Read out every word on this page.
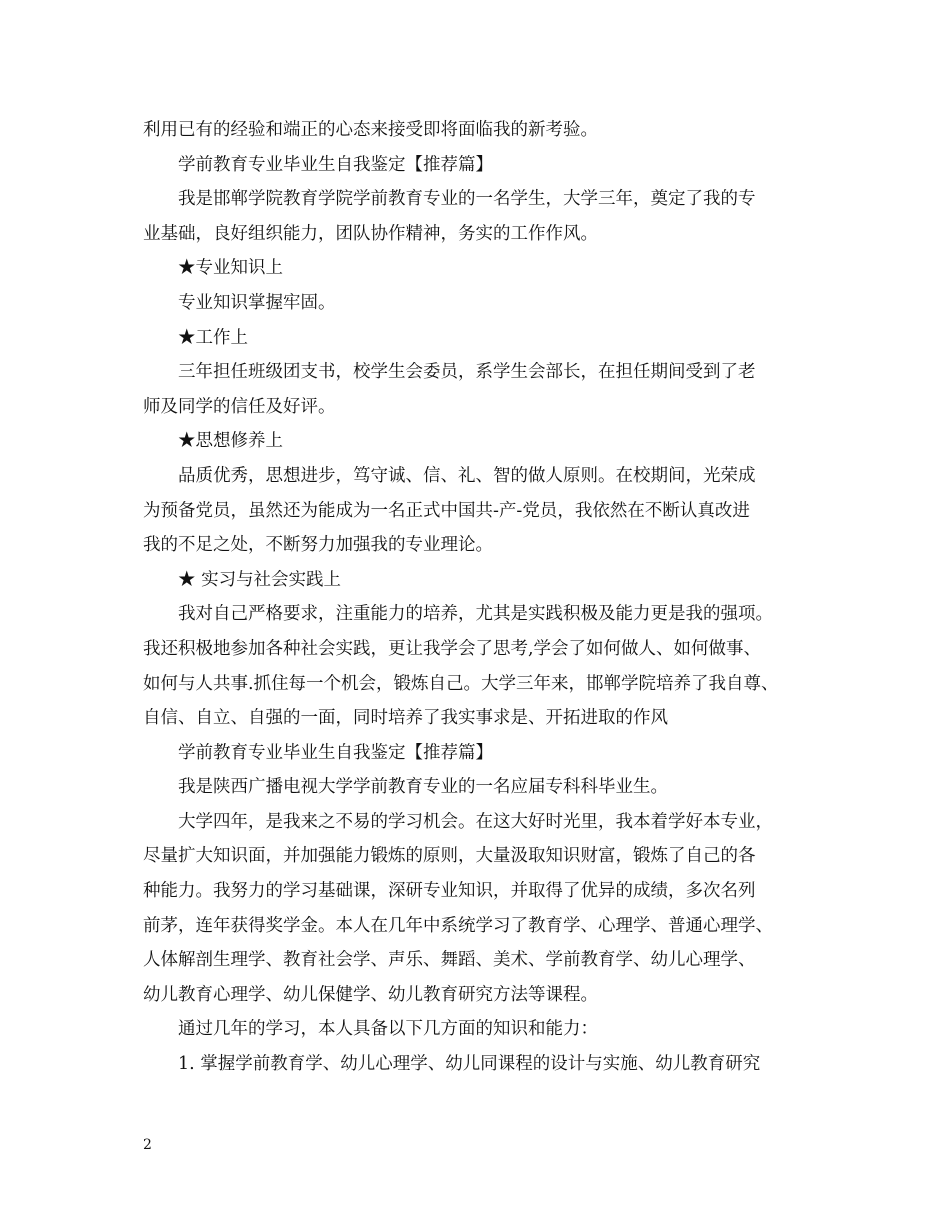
利用已有的经验和端正的心态来接受即将面临我的新考验。
学前教育专业毕业生自我鉴定【推荐篇】
我是邯郸学院教育学院学前教育专业的一名学生，大学三年，奠定了我的专
业基础，良好组织能力，团队协作精神，务实的工作作风。
★专业知识上
专业知识掌握牢固。
★工作上
三年担任班级团支书，校学生会委员，系学生会部长，在担任期间受到了老
师及同学的信任及好评。
★思想修养上
品质优秀，思想进步，笃守诚、信、礼、智的做人原则。在校期间，光荣成
为预备党员，虽然还为能成为一名正式中国共-产-党员，我依然在不断认真改进
我的不足之处，不断努力加强我的专业理论。
★ 实习与社会实践上
我对自己严格要求，注重能力的培养，尤其是实践积极及能力更是我的强项。
我还积极地参加各种社会实践，更让我学会了思考,学会了如何做人、如何做事、
如何与人共事.抓住每一个机会，锻炼自己。大学三年来，邯郸学院培养了我自尊、
自信、自立、自强的一面，同时培养了我实事求是、开拓进取的作风
学前教育专业毕业生自我鉴定【推荐篇】
我是陕西广播电视大学学前教育专业的一名应届专科科毕业生。
大学四年，是我来之不易的学习机会。在这大好时光里，我本着学好本专业，
尽量扩大知识面，并加强能力锻炼的原则，大量汲取知识财富，锻炼了自己的各
种能力。我努力的学习基础课，深研专业知识，并取得了优异的成绩，多次名列
前茅，连年获得奖学金。本人在几年中系统学习了教育学、心理学、普通心理学、
人体解剖生理学、教育社会学、声乐、舞蹈、美术、学前教育学、幼儿心理学、
幼儿教育心理学、幼儿保健学、幼儿教育研究方法等课程。
通过几年的学习，本人具备以下几方面的知识和能力：
1. 掌握学前教育学、幼儿心理学、幼儿同课程的设计与实施、幼儿教育研究
2
